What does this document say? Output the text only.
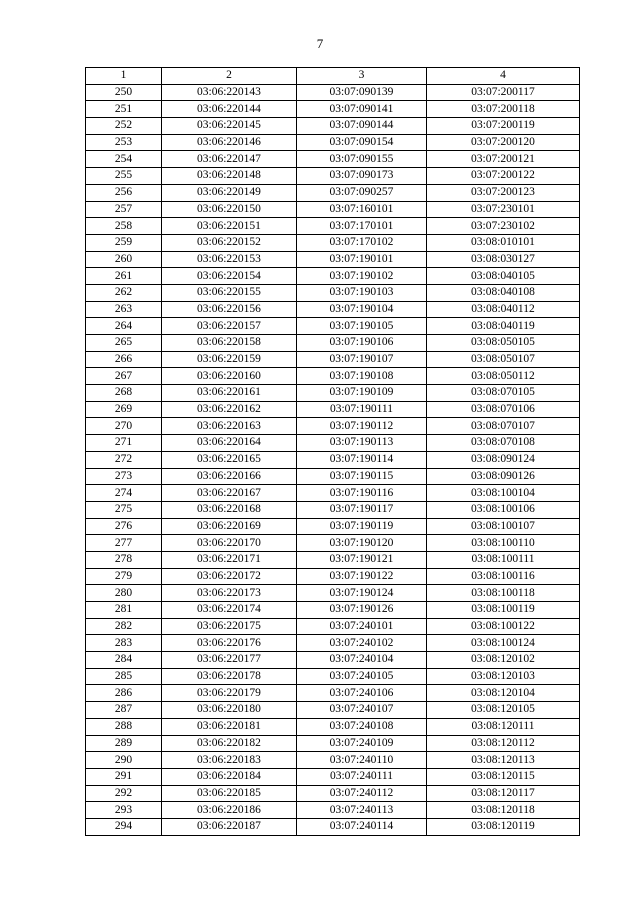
7
1	2	3	4
250	03:06:220143	03:07:090139	03:07:200117
251	03:06:220144	03:07:090141	03:07:200118
252	03:06:220145	03:07:090144	03:07:200119
253	03:06:220146	03:07:090154	03:07:200120
254	03:06:220147	03:07:090155	03:07:200121
255	03:06:220148	03:07:090173	03:07:200122
256	03:06:220149	03:07:090257	03:07:200123
257	03:06:220150	03:07:160101	03:07:230101
258	03:06:220151	03:07:170101	03:07:230102
259	03:06:220152	03:07:170102	03:08:010101
260	03:06:220153	03:07:190101	03:08:030127
261	03:06:220154	03:07:190102	03:08:040105
262	03:06:220155	03:07:190103	03:08:040108
263	03:06:220156	03:07:190104	03:08:040112
264	03:06:220157	03:07:190105	03:08:040119
265	03:06:220158	03:07:190106	03:08:050105
266	03:06:220159	03:07:190107	03:08:050107
267	03:06:220160	03:07:190108	03:08:050112
268	03:06:220161	03:07:190109	03:08:070105
269	03:06:220162	03:07:190111	03:08:070106
270	03:06:220163	03:07:190112	03:08:070107
271	03:06:220164	03:07:190113	03:08:070108
272	03:06:220165	03:07:190114	03:08:090124
273	03:06:220166	03:07:190115	03:08:090126
274	03:06:220167	03:07:190116	03:08:100104
275	03:06:220168	03:07:190117	03:08:100106
276	03:06:220169	03:07:190119	03:08:100107
277	03:06:220170	03:07:190120	03:08:100110
278	03:06:220171	03:07:190121	03:08:100111
279	03:06:220172	03:07:190122	03:08:100116
280	03:06:220173	03:07:190124	03:08:100118
281	03:06:220174	03:07:190126	03:08:100119
282	03:06:220175	03:07:240101	03:08:100122
283	03:06:220176	03:07:240102	03:08:100124
284	03:06:220177	03:07:240104	03:08:120102
285	03:06:220178	03:07:240105	03:08:120103
286	03:06:220179	03:07:240106	03:08:120104
287	03:06:220180	03:07:240107	03:08:120105
288	03:06:220181	03:07:240108	03:08:120111
289	03:06:220182	03:07:240109	03:08:120112
290	03:06:220183	03:07:240110	03:08:120113
291	03:06:220184	03:07:240111	03:08:120115
292	03:06:220185	03:07:240112	03:08:120117
293	03:06:220186	03:07:240113	03:08:120118
294	03:06:220187	03:07:240114	03:08:120119
